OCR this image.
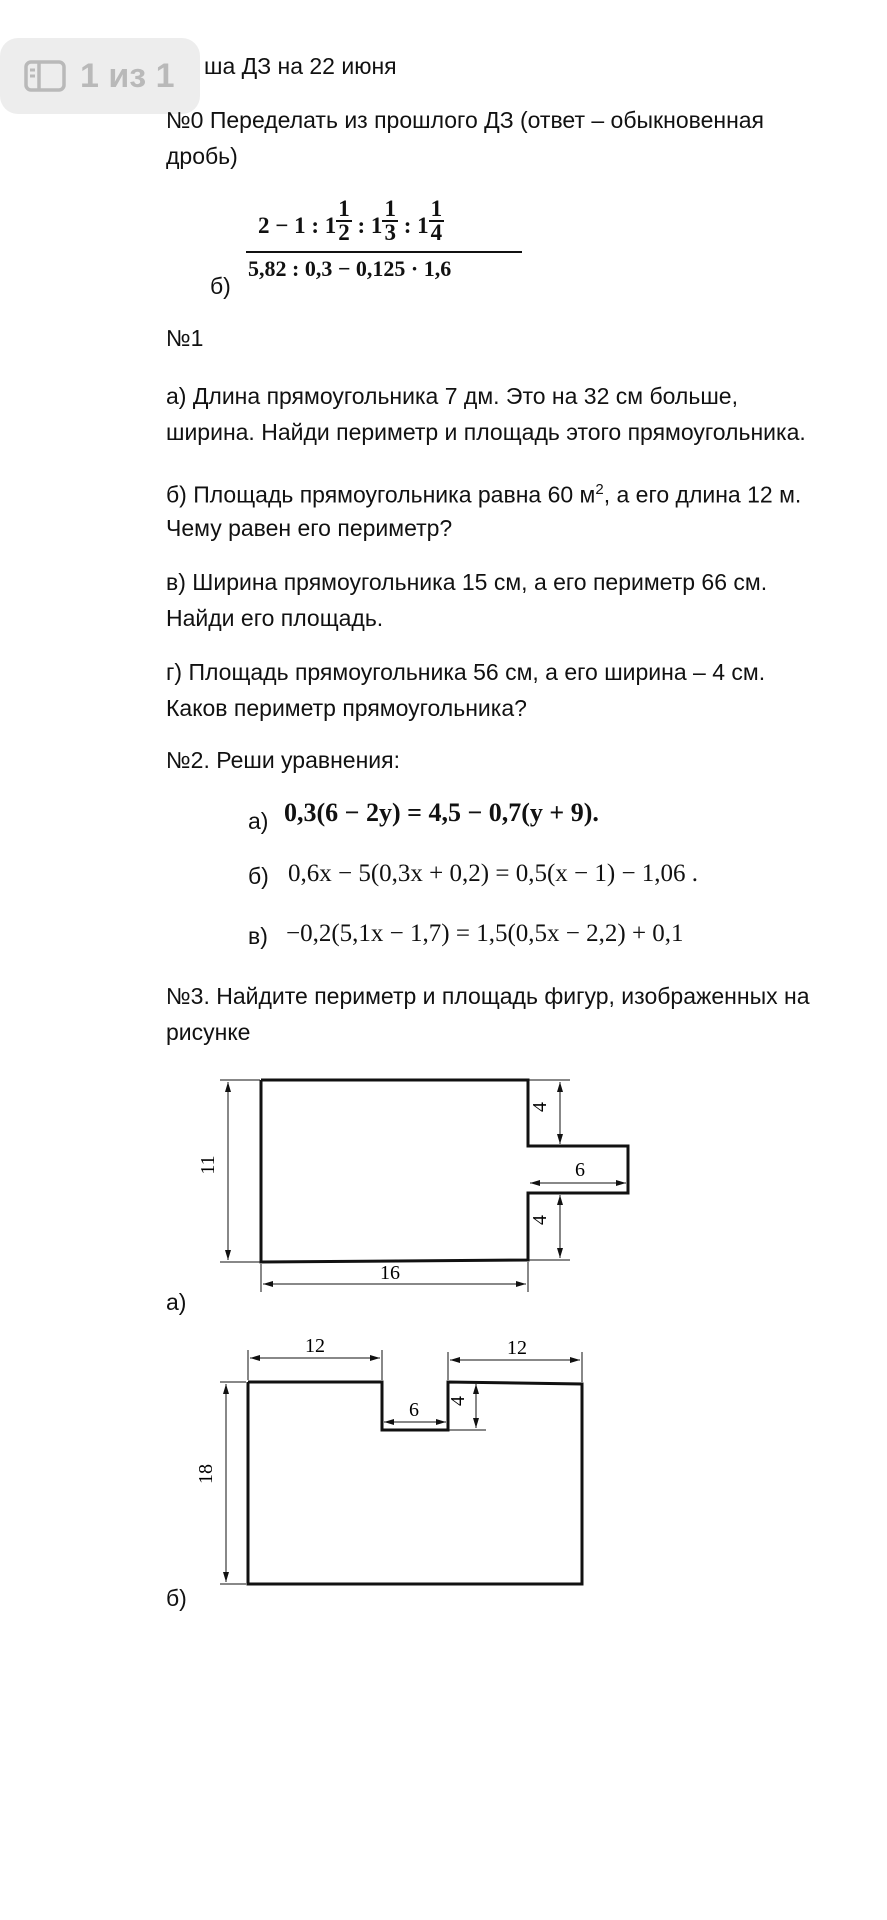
1 из 1 ша ДЗ на 22 июня
№0 Переделать из прошлого ДЗ (ответ – обыкновенная
дробь)
б)
2 − 1 : $1 \frac{1}{2}$ : $1 \frac{1}{3}$ : $1 \frac{1}{4}$
5,82 : 0,3 − 0,125 · 1,6
№1
а) Длина прямоугольника 7 дм. Это на 32 см больше,
ширина. Найди периметр и площадь этого прямоугольника.
б) Площадь прямоугольника равна 60 $м^2$, а его длина 12 м.
Чему равен его периметр?
в) Ширина прямоугольника 15 см, а его периметр 66 см.
Найди его площадь.
г) Площадь прямоугольника 56 см, а его ширина – 4 см.
Каков периметр прямоугольника?
№2. Реши уравнения:
а) 0,3(6 − 2y) = 4,5 − 0,7(y + 9).
б) 0,6x − 5(0,3x + 0,2) = 0,5(x − 1) − 1,06 .
в) −0,2(5,1x − 1,7) = 1,5(0,5x − 2,2) + 0,1
№3. Найдите периметр и площадь фигур, изображенных на
рисунке
11
16
4
6
4
а)
18
12	12
6 4
б)
